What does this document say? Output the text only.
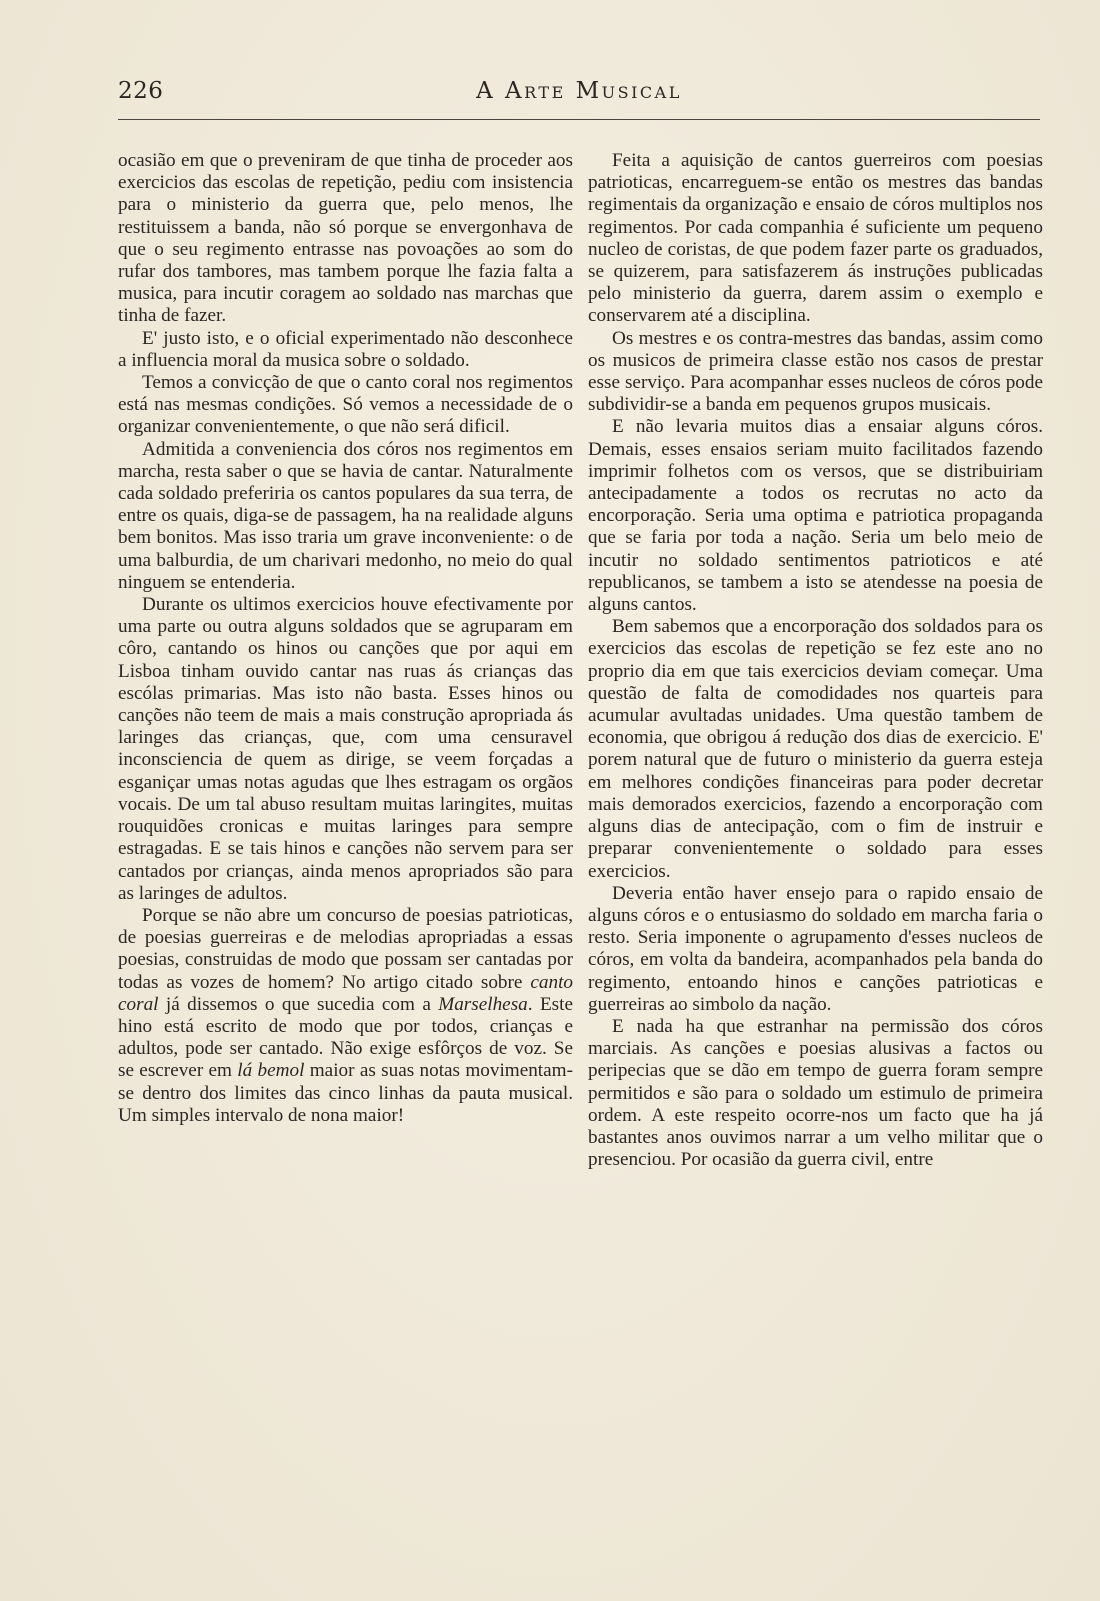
226	A Arte Musical

ocasião em que o preveniram de que tinha de proceder aos exercicios das escolas de repetição, pediu com insistencia para o ministerio da guerra que, pelo menos, lhe restituissem a banda, não só porque se envergonhava de que o seu regimento entrasse nas povoações ao som do rufar dos tambores, mas tambem porque lhe fazia falta a musica, para incutir coragem ao soldado nas marchas que tinha de fazer.

E' justo isto, e o oficial experimentado não desconhece a influencia moral da musica sobre o soldado.

Temos a convicção de que o canto coral nos regimentos está nas mesmas condições. Só vemos a necessidade de o organizar convenientemente, o que não será dificil.

Admitida a conveniencia dos córos nos regimentos em marcha, resta saber o que se havia de cantar. Naturalmente cada soldado preferiria os cantos populares da sua terra, de entre os quais, diga-se de passagem, ha na realidade alguns bem bonitos. Mas isso traria um grave inconveniente: o de uma balburdia, de um charivari medonho, no meio do qual ninguem se entenderia.

Durante os ultimos exercicios houve efectivamente por uma parte ou outra alguns soldados que se agruparam em côro, cantando os hinos ou canções que por aqui em Lisboa tinham ouvido cantar nas ruas ás crianças das escólas primarias. Mas isto não basta. Esses hinos ou canções não teem de mais a mais construção apropriada ás laringes das crianças, que, com uma censuravel inconsciencia de quem as dirige, se veem forçadas a esganiçar umas notas agudas que lhes estragam os orgãos vocais. De um tal abuso resultam muitas laringites, muitas rouquidões cronicas e muitas laringes para sempre estragadas. E se tais hinos e canções não servem para ser cantados por crianças, ainda menos apropriados são para as laringes de adultos.

Porque se não abre um concurso de poesias patrioticas, de poesias guerreiras e de melodias apropriadas a essas poesias, construidas de modo que possam ser cantadas por todas as vozes de homem? No artigo citado sobre canto coral já dissemos o que sucedia com a Marselhesa. Este hino está escrito de modo que por todos, crianças e adultos, pode ser cantado. Não exige esfôrços de voz. Se se escrever em lá bemol maior as suas notas movimentam-se dentro dos limites das cinco linhas da pauta musical. Um simples intervalo de nona maior!

Feita a aquisição de cantos guerreiros com poesias patrioticas, encarreguem-se então os mestres das bandas regimentais da organização e ensaio de córos multiplos nos regimentos. Por cada companhia é suficiente um pequeno nucleo de coristas, de que podem fazer parte os graduados, se quizerem, para satisfazerem ás instruções publicadas pelo ministerio da guerra, darem assim o exemplo e conservarem até a disciplina.

Os mestres e os contra-mestres das bandas, assim como os musicos de primeira classe estão nos casos de prestar esse serviço. Para acompanhar esses nucleos de córos pode subdividir-se a banda em pequenos grupos musicais.

E não levaria muitos dias a ensaiar alguns córos. Demais, esses ensaios seriam muito facilitados fazendo imprimir folhetos com os versos, que se distribuiriam antecipadamente a todos os recrutas no acto da encorporação. Seria uma optima e patriotica propaganda que se faria por toda a nação. Seria um belo meio de incutir no soldado sentimentos patrioticos e até republicanos, se tambem a isto se atendesse na poesia de alguns cantos.

Bem sabemos que a encorporação dos soldados para os exercicios das escolas de repetição se fez este ano no proprio dia em que tais exercicios deviam começar. Uma questão de falta de comodidades nos quarteis para acumular avultadas unidades. Uma questão tambem de economia, que obrigou á redução dos dias de exercicio. E' porem natural que de futuro o ministerio da guerra esteja em melhores condições financeiras para poder decretar mais demorados exercicios, fazendo a encorporação com alguns dias de antecipação, com o fim de instruir e preparar convenientemente o soldado para esses exercicios.

Deveria então haver ensejo para o rapido ensaio de alguns córos e o entusiasmo do soldado em marcha faria o resto. Seria imponente o agrupamento d'esses nucleos de córos, em volta da bandeira, acompanhados pela banda do regimento, entoando hinos e canções patrioticas e guerreiras ao simbolo da nação.

E nada ha que estranhar na permissão dos córos marciais. As canções e poesias alusivas a factos ou peripecias que se dão em tempo de guerra foram sempre permitidos e são para o soldado um estimulo de primeira ordem. A este respeito ocorre-nos um facto que ha já bastantes anos ouvimos narrar a um velho militar que o presenciou. Por ocasião da guerra civil, entre
